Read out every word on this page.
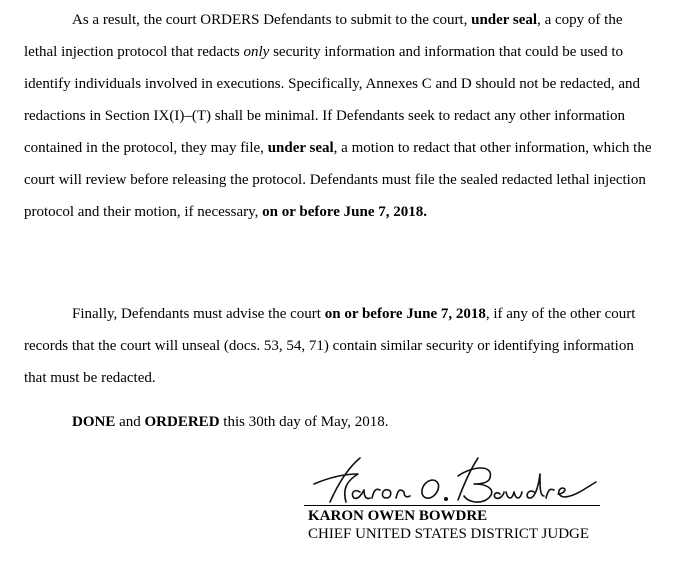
As a result, the court ORDERS Defendants to submit to the court, under seal, a copy of the lethal injection protocol that redacts only security information and information that could be used to identify individuals involved in executions. Specifically, Annexes C and D should not be redacted, and redactions in Section IX(I)–(T) shall be minimal. If Defendants seek to redact any other information contained in the protocol, they may file, under seal, a motion to redact that other information, which the court will review before releasing the protocol. Defendants must file the sealed redacted lethal injection protocol and their motion, if necessary, on or before June 7, 2018.
Finally, Defendants must advise the court on or before June 7, 2018, if any of the other court records that the court will unseal (docs. 53, 54, 71) contain similar security or identifying information that must be redacted.
DONE and ORDERED this 30th day of May, 2018.
KARON OWEN BOWDRE
CHIEF UNITED STATES DISTRICT JUDGE
